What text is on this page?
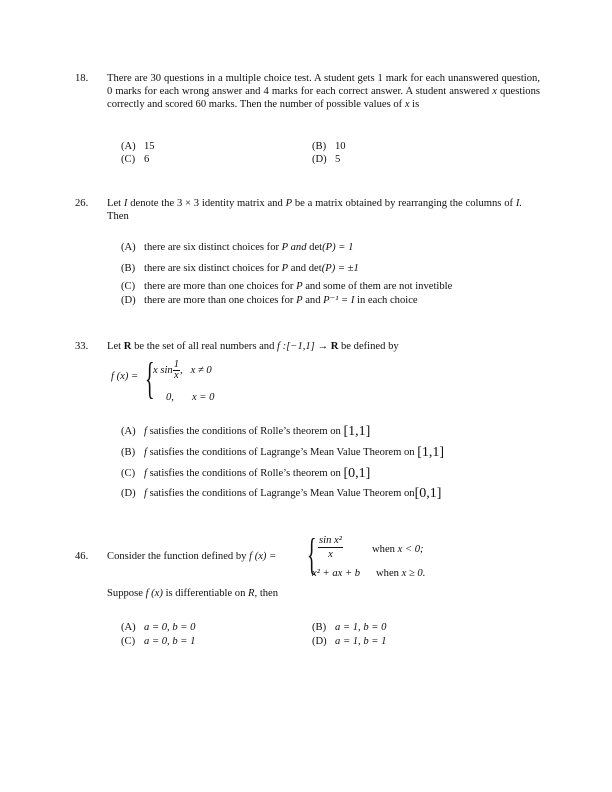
18. There are 30 questions in a multiple choice test. A student gets 1 mark for each unanswered question, 0 marks for each wrong answer and 4 marks for each correct answer. A student answered x questions correctly and scored 60 marks. Then the number of possible values of x is
(A) 15	(B) 10
(C) 6	(D) 5
26. Let I denote the 3 × 3 identity matrix and P be a matrix obtained by rearranging the columns of I. Then
(A) there are six distinct choices for P and det(P) = 1
(B) there are six distinct choices for P and det(P) = ±1
(C) there are more than one choices for P and some of them are not invetible
(D) there are more than one choices for P and P⁻¹ = I in each choice
33. Let R be the set of all real numbers and f :[−1,1] → R be defined by
f (x) = {
x $\sin \frac{1}{x}$ ,   x ≠ 0
0, x = 0
(A) f satisfies the conditions of Rolle’s theorem on [1,1]
(B) f satisfies the conditions of Lagrange’s Mean Value Theorem on [1,1]
(C) f satisfies the conditions of Rolle’s theorem on [0,1]
(D) f satisfies the conditions of Lagrange’s Mean Value Theorem on[0,1]
46. Consider the function defined by f (x) = { $\frac{\text{sin x²}}{x}$	when x < 0;
x² + ax + b when x ≥ 0.
Suppose f (x) is differentiable on R, then
(A) a = 0, b = 0	(B) a = 1, b = 0
(C) a = 0, b = 1	(D) a = 1, b = 1
